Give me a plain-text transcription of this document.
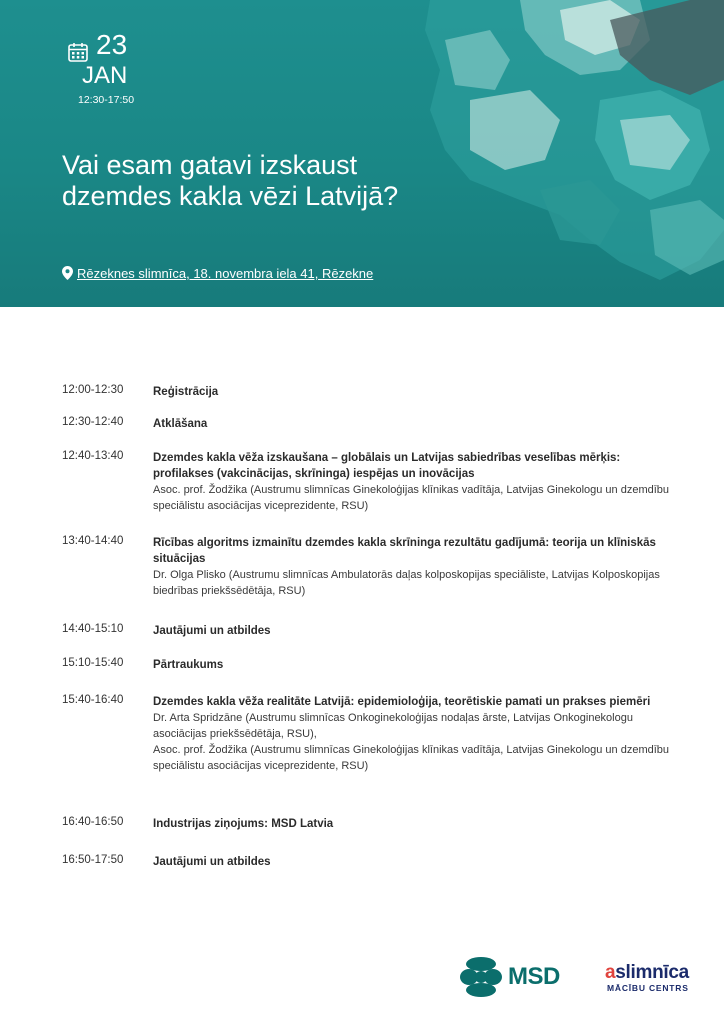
23
JAN
12:30-17:50
Vai esam gatavi izskaust dzemdes kakla vēzi Latvijā?
Rēzeknes slimnīca, 18. novembra iela 41, Rēzekne
12:00-12:30	Reģistrācija
12:30-12:40	Atklāšana
12:40-13:40	Dzemdes kakla vēža izskaušana – globālais un Latvijas sabiedrības veselības mērķis: profilakses (vakcinācijas, skrīninga) iespējas un inovācijas
Asoc. prof. Žodžika (Austrumu slimnīcas Ginekoloģijas klīnikas vadītāja, Latvijas Ginekologu un dzemdību speciālistu asociācijas viceprezidente, RSU)
13:40-14:40	Rīcības algoritms izmainītu dzemdes kakla skrīninga rezultātu gadījumā: teorija un klīniskās situācijas
Dr. Olga Plisko (Austrumu slimnīcas Ambulatorās daļas kolposkopijas speciāliste, Latvijas Kolposkopijas biedrības priekšsēdētāja, RSU)
14:40-15:10	Jautājumi un atbildes
15:10-15:40	Pārtraukums
15:40-16:40	Dzemdes kakla vēža realitāte Latvijā: epidemioloģija, teorētiskie pamati un prakses piemēri
Dr. Arta Spridzāne (Austrumu slimnīcas Onkoginekoloģijas nodaļas ārste, Latvijas Onkoginekologu asociācijas priekšsēdētāja, RSU),
Asoc. prof. Žodžika (Austrumu slimnīcas Ginekoloģijas klīnikas vadītāja, Latvijas Ginekologu un dzemdību speciālistu asociācijas viceprezidente, RSU)
16:40-16:50	Industrijas ziņojums: MSD Latvia
16:50-17:50	Jautājumi un atbildes
MSD aslimnīca
MĀCĪBU CENTRS
